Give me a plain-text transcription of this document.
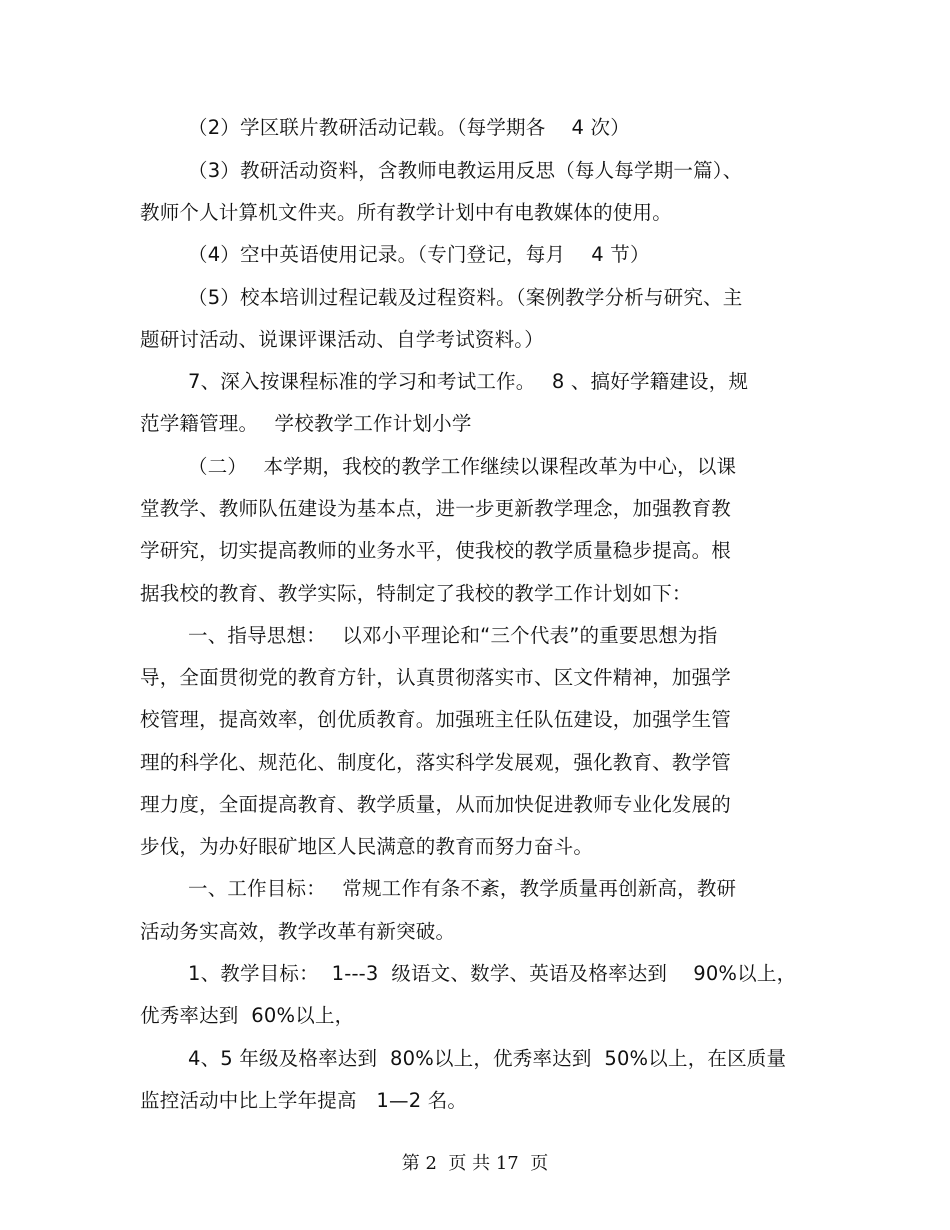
（2）学区联片教研活动记载。（每学期各　 4 次）
（3）教研活动资料，含教师电教运用反思（每人每学期一篇）、
教师个人计算机文件夹。所有教学计划中有电教媒体的使用。
（4）空中英语使用记录。（专门登记，每月　 4 节）
（5）校本培训过程记载及过程资料。（案例教学分析与研究、主
题研讨活动、说课评课活动、自学考试资料。）
7、深入按课程标准的学习和考试工作。　 8 、搞好学籍建设，规
范学籍管理。　 学校教学工作计划小学
（二）　 本学期，我校的教学工作继续以课程改革为中心，以课
堂教学、教师队伍建设为基本点，进一步更新教学理念，加强教育教
学研究，切实提高教师的业务水平，使我校的教学质量稳步提高。根
据我校的教育、教学实际，特制定了我校的教学工作计划如下：
一、指导思想：　 以邓小平理论和“三个代表”的重要思想为指
导，全面贯彻党的教育方针，认真贯彻落实市、区文件精神，加强学
校管理，提高效率，创优质教育。加强班主任队伍建设，加强学生管
理的科学化、规范化、制度化，落实科学发展观，强化教育、教学管
理力度，全面提高教育、教学质量，从而加快促进教师专业化发展的
步伐，为办好眼矿地区人民满意的教育而努力奋斗。
一、工作目标：　 常规工作有条不紊，教学质量再创新高，教研
活动务实高效，教学改革有新突破。
1、教学目标：  1---3  级语文、数学、英语及格率达到　 90%以上，
优秀率达到  60%以上，
4、5 年级及格率达到  80%以上，优秀率达到  50%以上，在区质量
监控活动中比上学年提高　1—2 名。
第 2  页 共 17  页
